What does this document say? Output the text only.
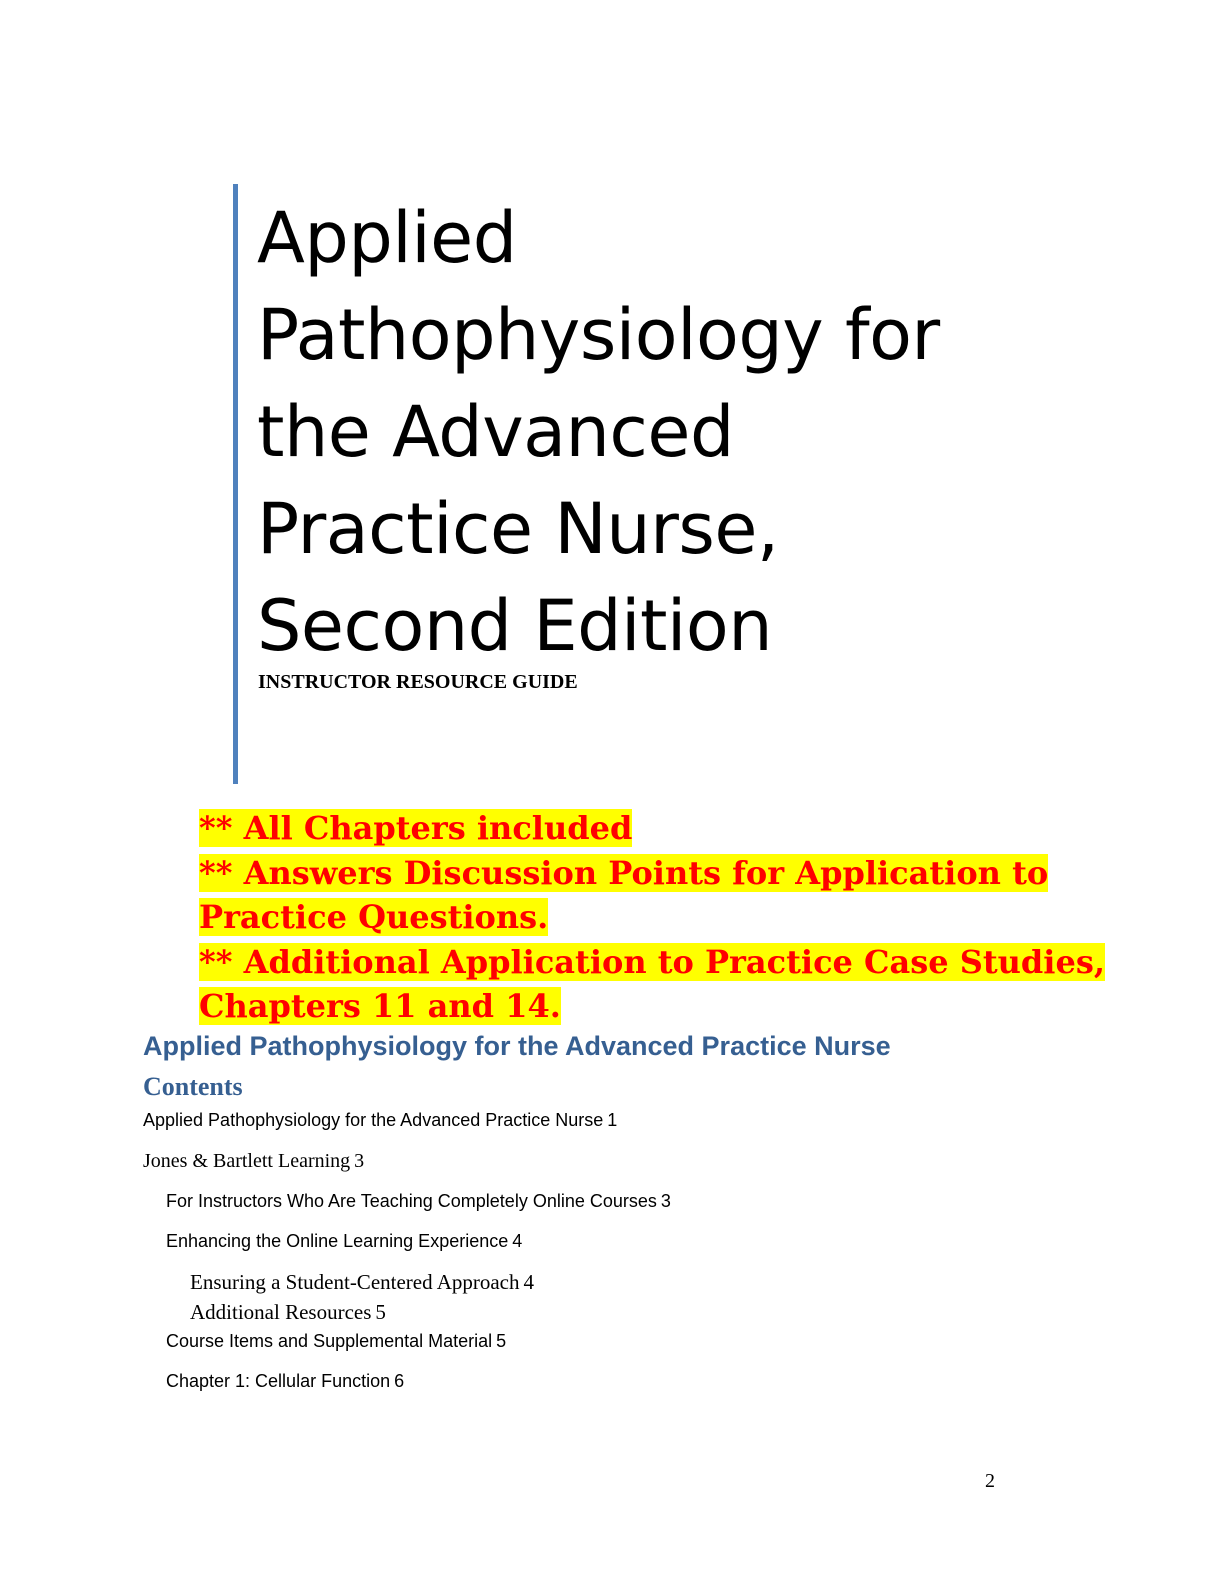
Applied
Pathophysiology for
the Advanced
Practice Nurse,
Second Edition
INSTRUCTOR RESOURCE GUIDE
** All Chapters included
** Answers Discussion Points for Application to
Practice Questions.
** Additional Application to Practice Case Studies,
Chapters 11 and 14.
Applied Pathophysiology for the Advanced Practice Nurse
Contents
Applied Pathophysiology for the Advanced Practice Nurse 1
Jones & Bartlett Learning 3
For Instructors Who Are Teaching Completely Online Courses 3
Enhancing the Online Learning Experience 4
Ensuring a Student-Centered Approach 4
Additional Resources 5
Course Items and Supplemental Material 5
Chapter 1: Cellular Function 6
2
